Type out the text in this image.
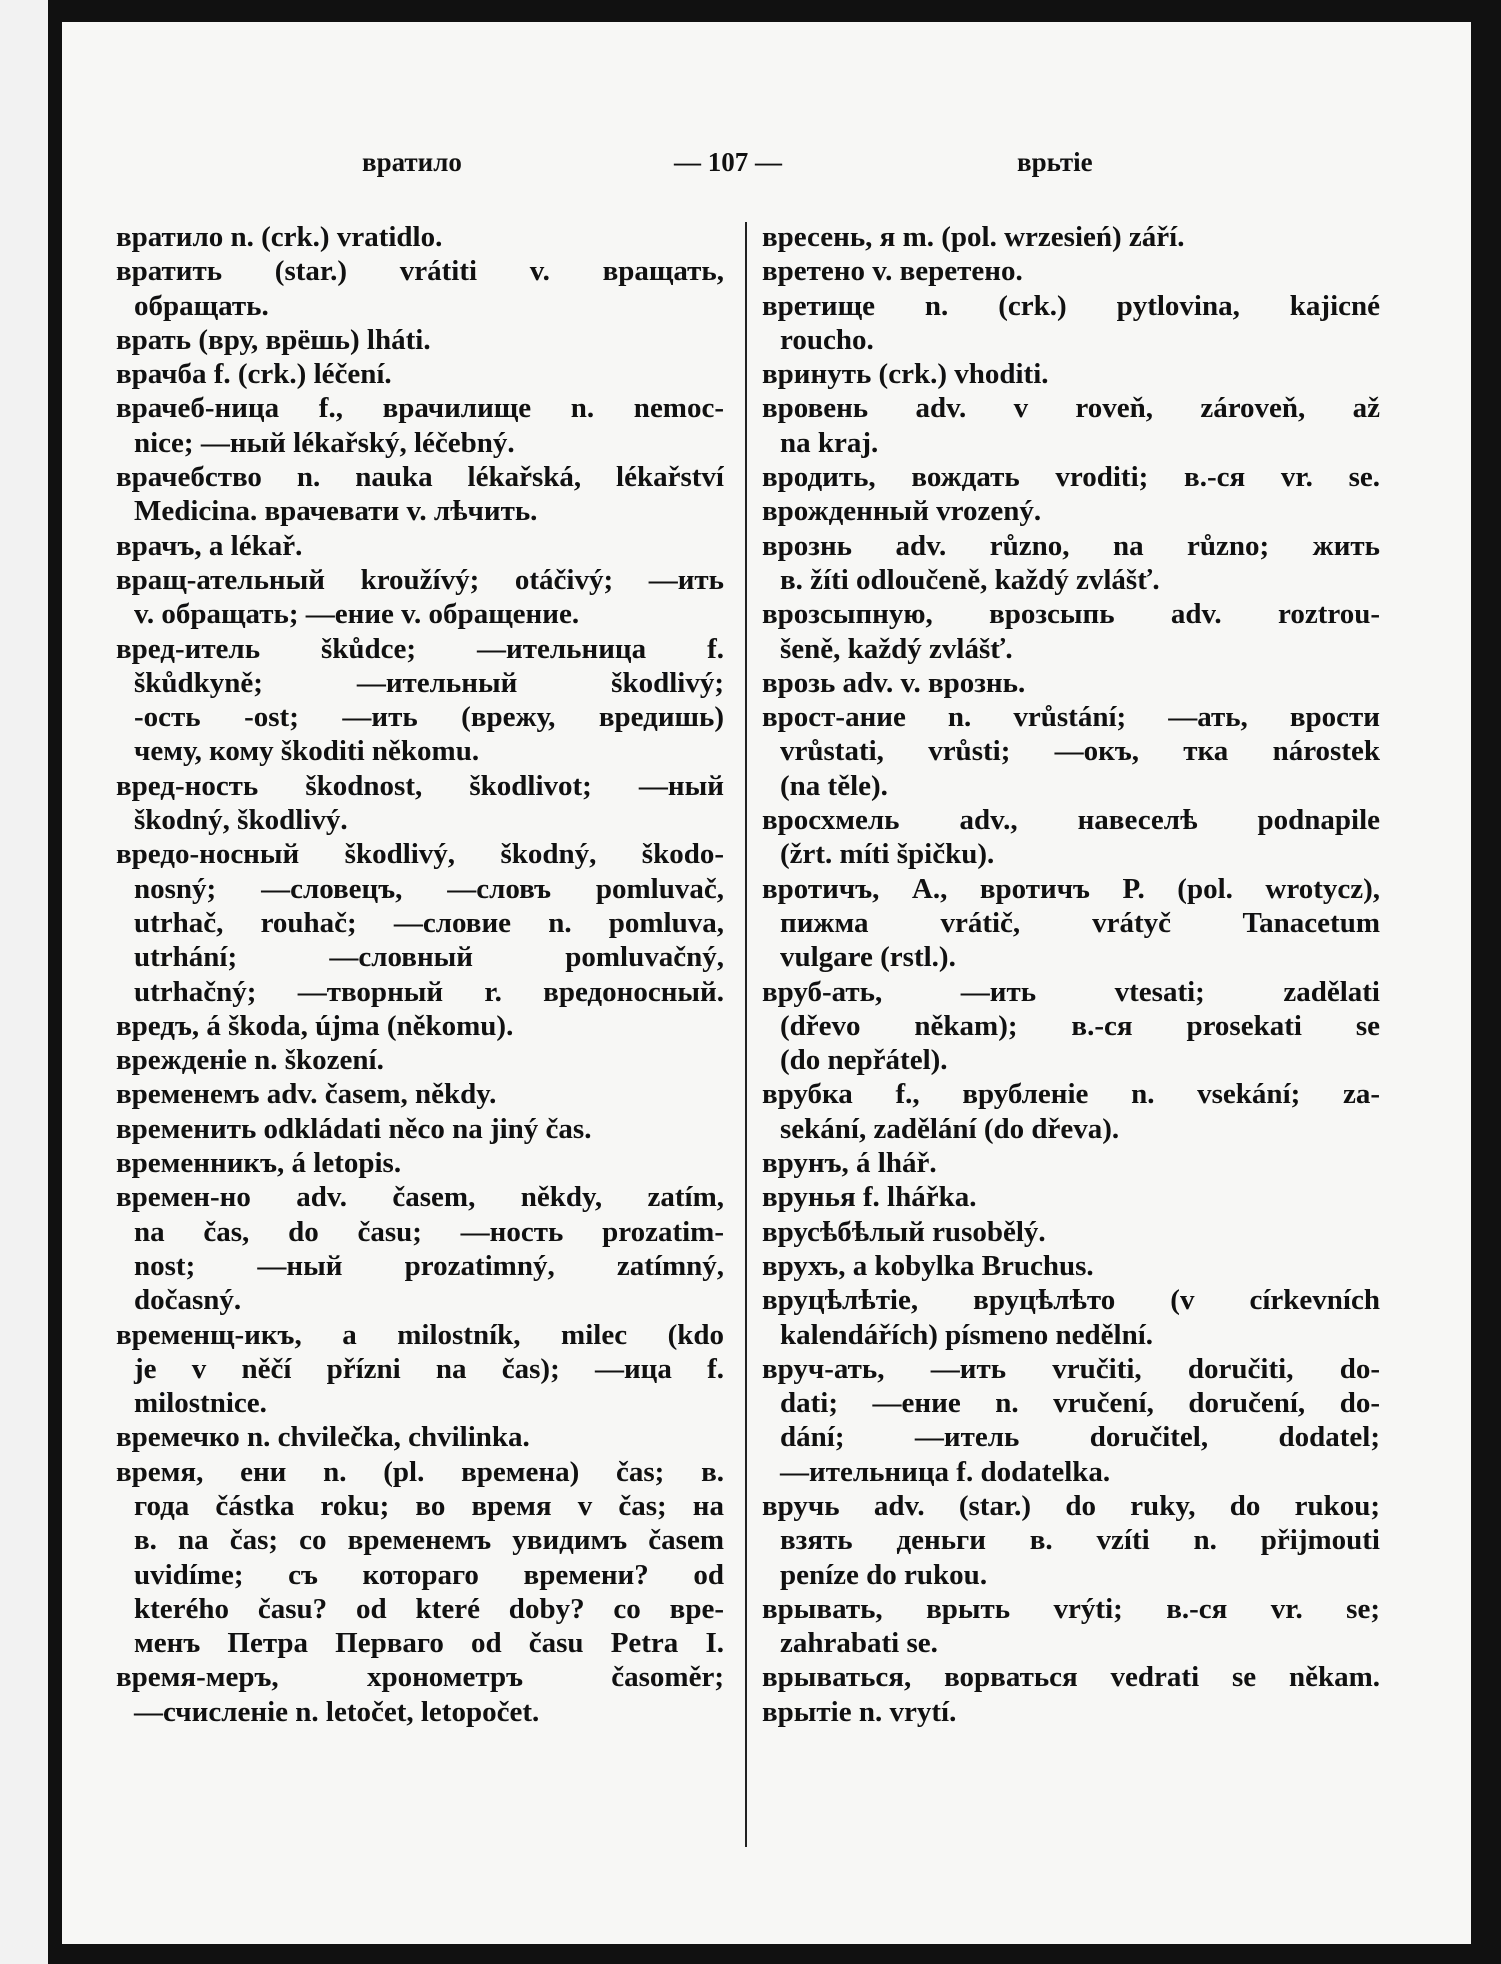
вратило	— 107 —	врьтie
вратило n. (crk.) vratidlo.
вратить (star.) vrátiti v. вращать,
обращать.
врать (вру, врёшь) lháti.
врачба f. (crk.) léčení.
врачеб-ница f., врачилище n. nemoc-
nice; —ный lékařský, léčebný.
врачебство n. nauka lékařská, lékařství
Medicina. врачевати v. лѣчить.
врачъ, a lékař.
вращ-ательный kroužívý; otáčivý; —ить
v. обращать; —ение v. обращение.
вред-итель škůdce; —ительница f.
škůdkyně; —ительный škodlivý;
-ость -ost; —ить (врежу, вредишь)
чему, кому škoditi někomu.
вред-ность škodnost, škodlivot; —ный
škodný, škodlivý.
вредо-носный škodlivý, škodný, škodo-
nosný; —словецъ, —словъ pomluvač,
utrhač, rouhač; —словие n. pomluva,
utrhání; —словный pomluvačný,
utrhačný; —творный r. вредоносный.
вредъ, á škoda, újma (někomu).
врежденie n. škození.
временемъ adv. časem, někdy.
временить odkládati něco na jiný čas.
временникъ, á letopis.
времен-но adv. časem, někdy, zatím,
na čas, do času; —ность prozatim-
nost; —ный prozatimný, zatímný,
dočasný.
временщ-икъ, a milostník, milec (kdo
je v něčí přízni na čas); —ица f.
milostnice.
времечко n. chvilečka, chvilinka.
время, ени n. (pl. времена) čas; в.
года částka roku; во время v čas; на
в. na čas; со временемъ увидимъ časem
uvidíme; съ котораго времени? od
kterého času? od které doby? co вре-
менъ Петра Перваго od času Petra I.
время-меръ, хронометръ časoměr;
—счисленie n. letočet, letopočet.
вресень, я m. (pol. wrzesień) září.
вретено v. веретено.
вретище n. (crk.) pytlovina, kajicné
roucho.
вринуть (crk.) vhoditi.
вровень adv. v roveň, zároveň, až
na kraj.
вродить, вождать vroditi; в.-ся vr. se.
врожденный vrozený.
врознь adv. různo, na různo; жить
в. žíti odloučeně, každý zvlášť.
врозсыпную, врозсыпь adv. roztrou-
šeně, každý zvlášť.
врозь adv. v. врознь.
врост-ание n. vrůstání; —ать, врости
vrůstati, vrůsti; —окъ, тка nárostek
(na těle).
вросхмель adv., навеселѣ podnapile
(žrt. míti špičku).
вротичъ, A., вротичъ P. (pol. wrotycz),
пижма vrátič, vrátyč Tanacetum
vulgare (rstl.).
вруб-ать, —ить vtesati; zadělati
(dřevo někam); в.-ся prosekati se
(do nepřátel).
врубка f., врубленie n. vsekání; za-
sekání, zadělání (do dřeva).
врунъ, á lhář.
врунья f. lhářka.
врусѣбѣлый rusobělý.
врухъ, a kobylka Bruchus.
вруцѣлѣтie, вруцѣлѣто (v církevních
kalendářích) písmeno nedělní.
вруч-ать, —ить vručiti, doručiti, do-
dati; —ение n. vručení, doručení, do-
dání; —итель doručitel, dodatel;
—ительница f. dodatelka.
вручь adv. (star.) do ruky, do rukou;
взять деньги в. vzíti n. přijmouti
peníze do rukou.
врывать, врыть vrýti; в.-ся vr. se;
zahrabati se.
врываться, ворваться vedrati se někam.
врытie n. vrytí.
